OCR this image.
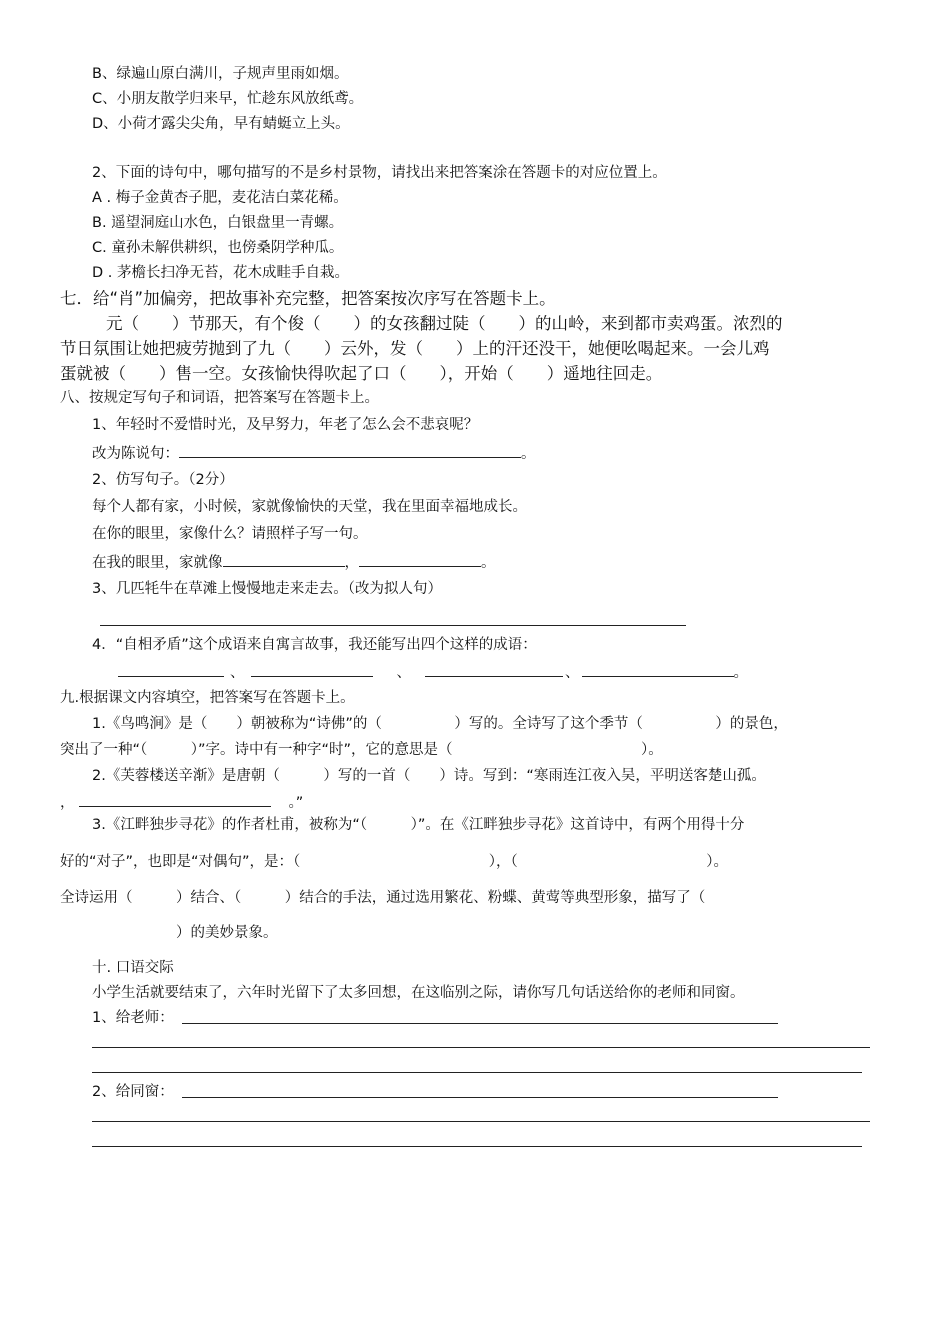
B、绿遍山原白满川，子规声里雨如烟。
C、小朋友散学归来早，忙趁东风放纸鸢。
D、小荷才露尖尖角，早有蜻蜓立上头。
2、下面的诗句中，哪句描写的不是乡村景物，请找出来把答案涂在答题卡的对应位置上。
A . 梅子金黄杏子肥，麦花洁白菜花稀。
B. 遥望洞庭山水色，白银盘里一青螺。
C. 童孙未解供耕织，也傍桑阴学种瓜。
D . 茅檐长扫净无苔，花木成畦手自栽。
七．给“肖”加偏旁，把故事补充完整，把答案按次序写在答题卡上。
元（　　）节那天，有个俊（　　）的女孩翻过陡（　　）的山岭，来到都市卖鸡蛋。浓烈的
节日氛围让她把疲劳抛到了九（　　）云外，发（　　）上的汗还没干，她便吆喝起来。一会儿鸡
蛋就被（　　）售一空。女孩愉快得吹起了口（　　），开始（　　）遥地往回走。
八、按规定写句子和词语，把答案写在答题卡上。
1、年轻时不爱惜时光，及早努力，年老了怎么会不悲哀呢？
改为陈说句：	。
2、仿写句子。（2分）
每个人都有家，小时候，家就像愉快的天堂，我在里面幸福地成长。
在你的眼里，家像什么？请照样子写一句。
在我的眼里，家就像	，	。
3、几匹牦牛在草滩上慢慢地走来走去。（改为拟人句）
4．“自相矛盾”这个成语来自寓言故事，我还能写出四个这样的成语：
、	、	、	。
九.根据课文内容填空，把答案写在答题卡上。
1.《鸟鸣涧》是（　　）朝被称为“诗佛”的（　　　　　）写的。全诗写了这个季节（　　　　　）的景色，
突出了一种“（　　　）”字。诗中有一种字“时”，它的意思是（　　　　　　　　　　　　　）。
2.《芙蓉楼送辛渐》是唐朝（　　　）写的一首（　　）诗。写到：“寒雨连江夜入吴，平明送客楚山孤。
，	。”
3.《江畔独步寻花》的作者杜甫，被称为“（　　　）”。在《江畔独步寻花》这首诗中，有两个用得十分
好的“对子”，也即是“对偶句”，是：（　　　　　　　　　　　　　），（　　　　　　　　　　　　　）。
全诗运用（　　　）结合、（　　　）结合的手法，通过选用繁花、粉蝶、黄莺等典型形象，描写了（
）的美妙景象。
十. 口语交际
小学生活就要结束了，六年时光留下了太多回想，在这临别之际，请你写几句话送给你的老师和同窗。
1、给老师：
2、给同窗：
